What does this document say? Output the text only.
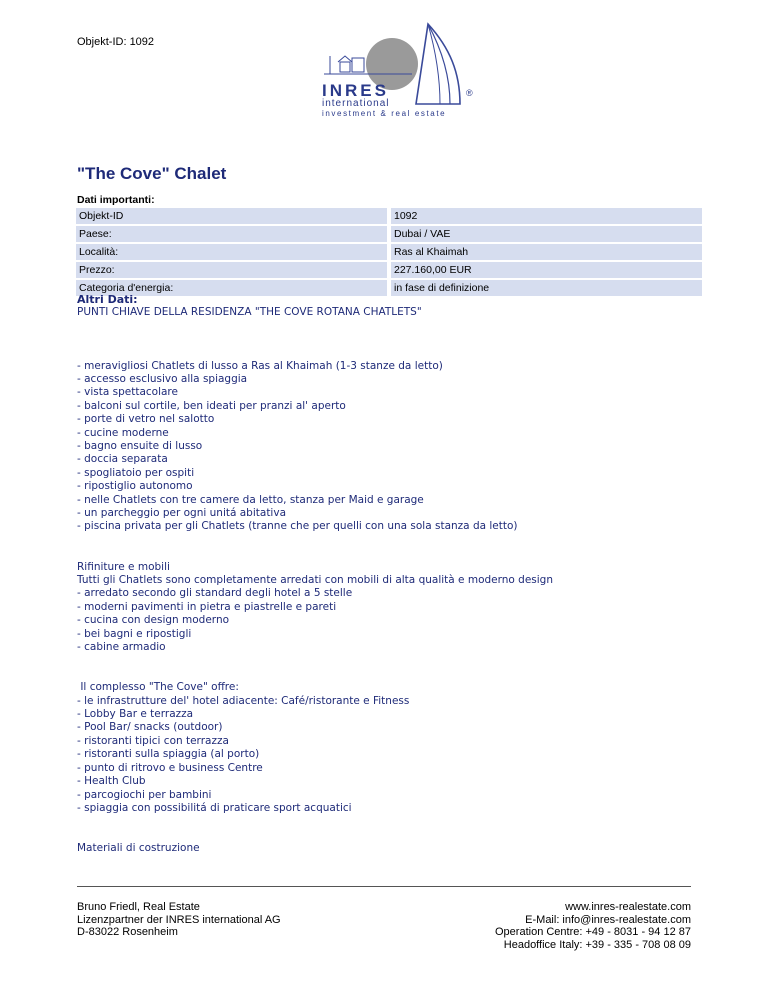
Objekt-ID: 1092
INRES	®
international
investment & real estate
"The Cove" Chalet
Dati importanti:
Objekt-ID		1092
Paese:		Dubai / VAE
Località:		Ras al Khaimah
Prezzo:		227.160,00 EUR
Categoria d'energia:		in fase di definizione
Altri Dati:
PUNTI CHIAVE DELLA RESIDENZA "THE COVE ROTANA CHATLETS"
- meravigliosi Chatlets di lusso a Ras al Khaimah (1-3 stanze da letto)
- accesso esclusivo alla spiaggia
- vista spettacolare
- balconi sul cortile, ben ideati per pranzi al' aperto
- porte di vetro nel salotto
- cucine moderne
- bagno ensuite di lusso
- doccia separata
- spogliatoio per ospiti
- ripostiglio autonomo
- nelle Chatlets con tre camere da letto, stanza per Maid e garage
- un parcheggio per ogni unitá abitativa
- piscina privata per gli Chatlets (tranne che per quelli con una sola stanza da letto)
Rifiniture e mobili
Tutti gli Chatlets sono completamente arredati con mobili di alta qualità e moderno design
- arredato secondo gli standard degli hotel a 5 stelle
- moderni pavimenti in pietra e piastrelle e pareti
- cucina con design moderno
- bei bagni e ripostigli
- cabine armadio
Il complesso "The Cove" offre:
- le infrastrutture del' hotel adiacente: Café/ristorante e Fitness
- Lobby Bar e terrazza
- Pool Bar/ snacks (outdoor)
- ristoranti tipici con terrazza
- ristoranti sulla spiaggia (al porto)
- punto di ritrovo e business Centre
- Health Club
- parcogiochi per bambini
- spiaggia con possibilitá di praticare sport acquatici
Materiali di costruzione
Bruno Friedl, Real Estate
Lizenzpartner der INRES international AG
D-83022 Rosenheim
www.inres-realestate.com
E-Mail: info@inres-realestate.com
Operation Centre: +49 - 8031 - 94 12 87
Headoffice Italy: +39 - 335 - 708 08 09
